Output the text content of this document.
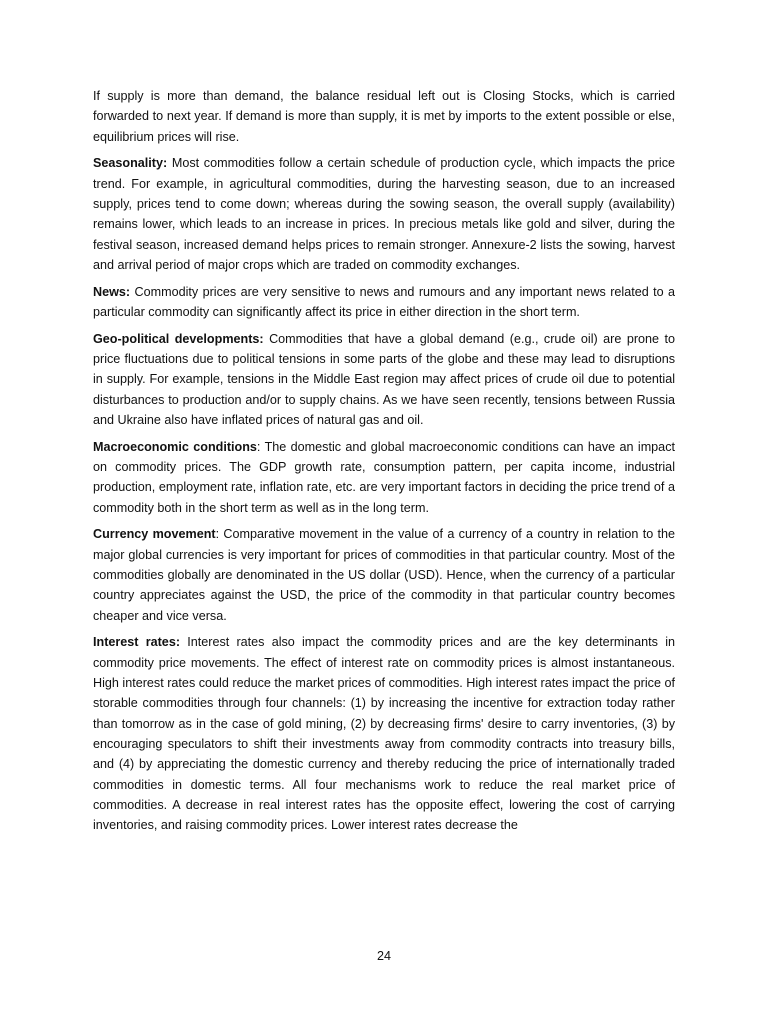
If supply is more than demand, the balance residual left out is Closing Stocks, which is carried forwarded to next year. If demand is more than supply, it is met by imports to the extent possible or else, equilibrium prices will rise.

Seasonality: Most commodities follow a certain schedule of production cycle, which impacts the price trend. For example, in agricultural commodities, during the harvesting season, due to an increased supply, prices tend to come down; whereas during the sowing season, the overall supply (availability) remains lower, which leads to an increase in prices. In precious metals like gold and silver, during the festival season, increased demand helps prices to remain stronger. Annexure-2 lists the sowing, harvest and arrival period of major crops which are traded on commodity exchanges.

News: Commodity prices are very sensitive to news and rumours and any important news related to a particular commodity can significantly affect its price in either direction in the short term.

Geo-political developments: Commodities that have a global demand (e.g., crude oil) are prone to price fluctuations due to political tensions in some parts of the globe and these may lead to disruptions in supply. For example, tensions in the Middle East region may affect prices of crude oil due to potential disturbances to production and/or to supply chains. As we have seen recently, tensions between Russia and Ukraine also have inflated prices of natural gas and oil.

Macroeconomic conditions: The domestic and global macroeconomic conditions can have an impact on commodity prices. The GDP growth rate, consumption pattern, per capita income, industrial production, employment rate, inflation rate, etc. are very important factors in deciding the price trend of a commodity both in the short term as well as in the long term.

Currency movement: Comparative movement in the value of a currency of a country in relation to the major global currencies is very important for prices of commodities in that particular country. Most of the commodities globally are denominated in the US dollar (USD). Hence, when the currency of a particular country appreciates against the USD, the price of the commodity in that particular country becomes cheaper and vice versa.

Interest rates: Interest rates also impact the commodity prices and are the key determinants in commodity price movements. The effect of interest rate on commodity prices is almost instantaneous. High interest rates could reduce the market prices of commodities. High interest rates impact the price of storable commodities through four channels: (1) by increasing the incentive for extraction today rather than tomorrow as in the case of gold mining, (2) by decreasing firms' desire to carry inventories, (3) by encouraging speculators to shift their investments away from commodity contracts into treasury bills, and (4) by appreciating the domestic currency and thereby reducing the price of internationally traded commodities in domestic terms. All four mechanisms work to reduce the real market price of commodities. A decrease in real interest rates has the opposite effect, lowering the cost of carrying inventories, and raising commodity prices. Lower interest rates decrease the

24
